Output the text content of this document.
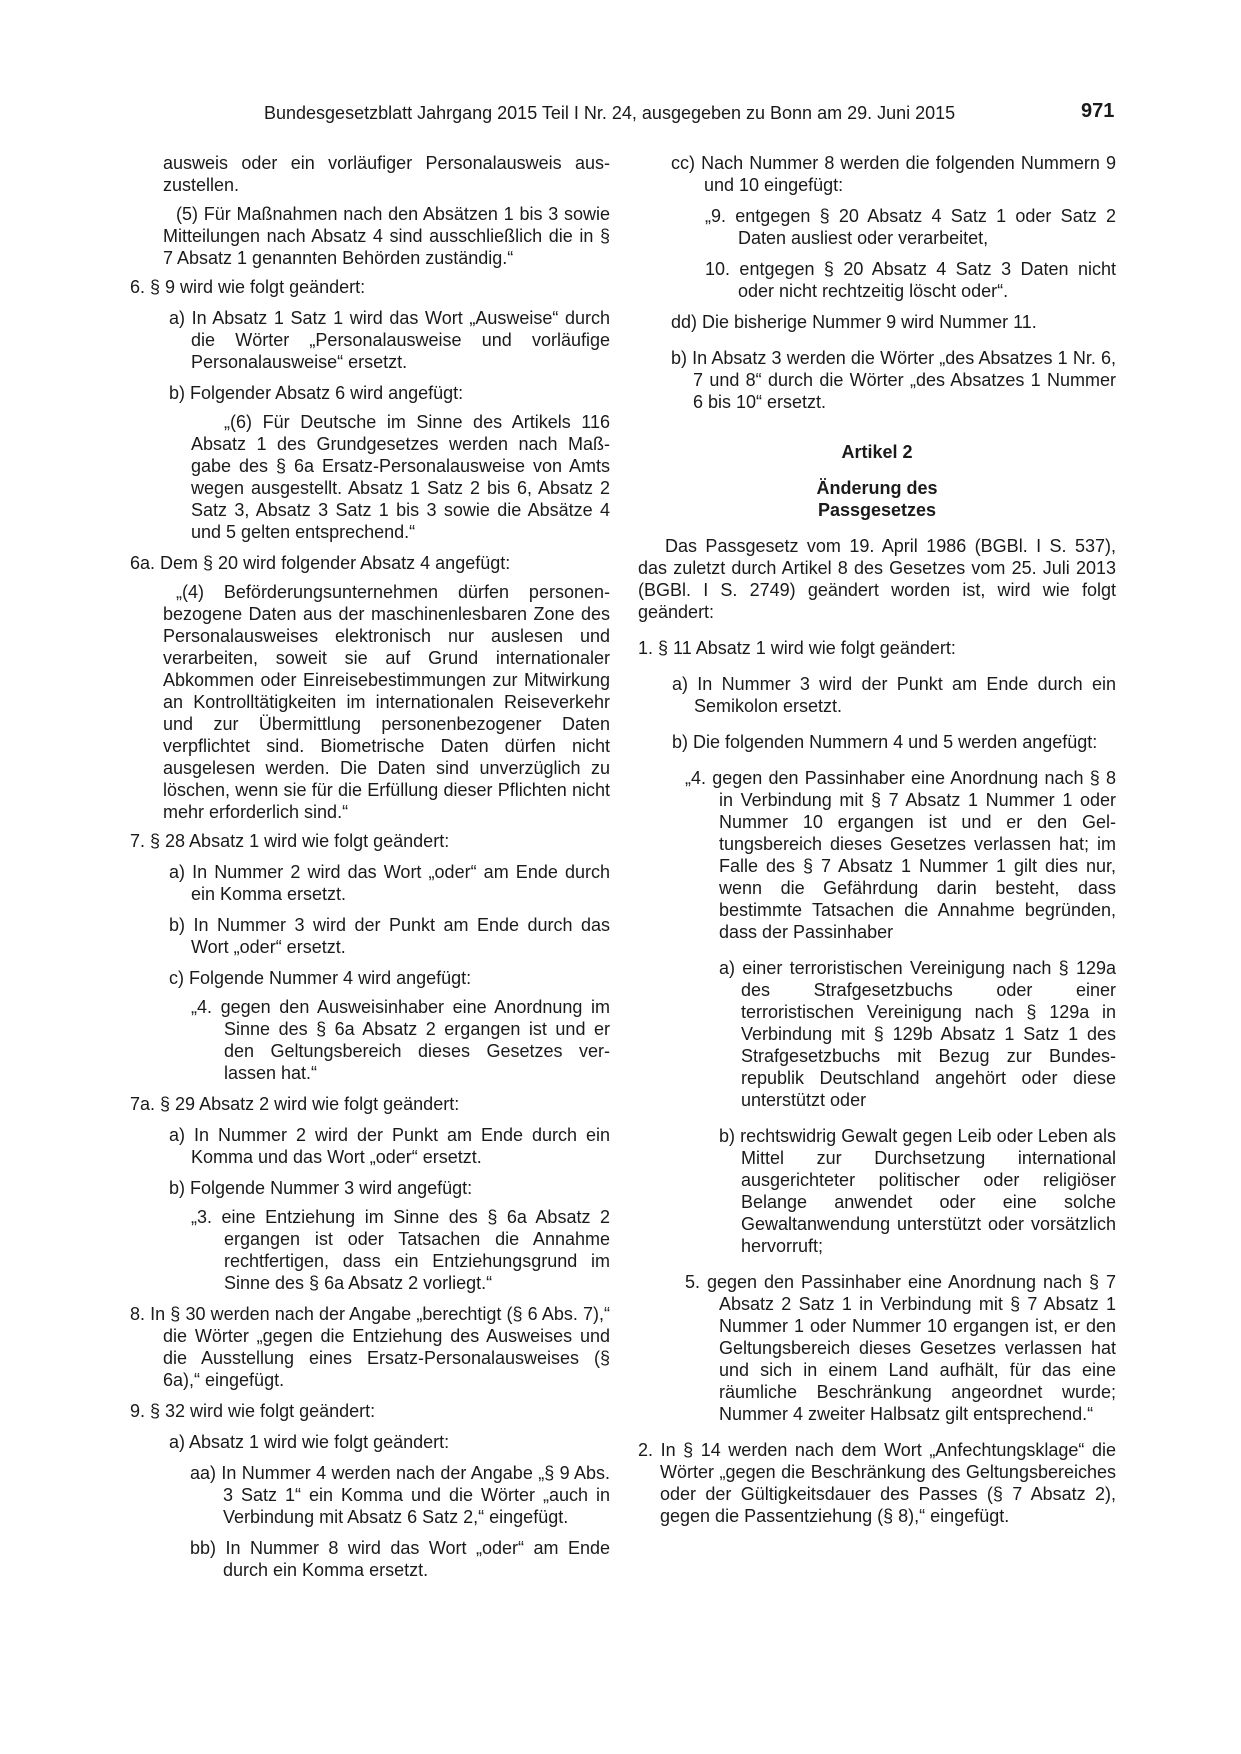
Bundesgesetzblatt Jahrgang 2015 Teil I Nr. 24, ausgegeben zu Bonn am 29. Juni 2015	971

ausweis oder ein vorläufiger Personalausweis auszustellen.

(5) Für Maßnahmen nach den Absätzen 1 bis 3 sowie Mitteilungen nach Absatz 4 sind ausschließlich die in § 7 Absatz 1 genannten Behörden zuständig.“

6. § 9 wird wie folgt geändert:

a) In Absatz 1 Satz 1 wird das Wort „Ausweise“ durch die Wörter „Personalausweise und vorläufige Personalausweise“ ersetzt.

b) Folgender Absatz 6 wird angefügt:

„(6) Für Deutsche im Sinne des Artikels 116 Absatz 1 des Grundgesetzes werden nach Maßgabe des § 6a Ersatz-Personalausweise von Amts wegen ausgestellt. Absatz 1 Satz 2 bis 6, Absatz 2 Satz 3, Absatz 3 Satz 1 bis 3 sowie die Absätze 4 und 5 gelten entsprechend.“

6a. Dem § 20 wird folgender Absatz 4 angefügt:

„(4) Beförderungsunternehmen dürfen personenbezogene Daten aus der maschinenlesbaren Zone des Personalausweises elektronisch nur auslesen und verarbeiten, soweit sie auf Grund internationaler Abkommen oder Einreisebestimmungen zur Mitwirkung an Kontrolltätigkeiten im internationalen Reiseverkehr und zur Übermittlung personenbezogener Daten verpflichtet sind. Biometrische Daten dürfen nicht ausgelesen werden. Die Daten sind unverzüglich zu löschen, wenn sie für die Erfüllung dieser Pflichten nicht mehr erforderlich sind.“

7. § 28 Absatz 1 wird wie folgt geändert:

a) In Nummer 2 wird das Wort „oder“ am Ende durch ein Komma ersetzt.

b) In Nummer 3 wird der Punkt am Ende durch das Wort „oder“ ersetzt.

c) Folgende Nummer 4 wird angefügt:

„4. gegen den Ausweisinhaber eine Anordnung im Sinne des § 6a Absatz 2 ergangen ist und er den Geltungsbereich dieses Gesetzes verlassen hat.“

7a. § 29 Absatz 2 wird wie folgt geändert:

a) In Nummer 2 wird der Punkt am Ende durch ein Komma und das Wort „oder“ ersetzt.

b) Folgende Nummer 3 wird angefügt:

„3. eine Entziehung im Sinne des § 6a Absatz 2 ergangen ist oder Tatsachen die Annahme rechtfertigen, dass ein Entziehungsgrund im Sinne des § 6a Absatz 2 vorliegt.“

8. In § 30 werden nach der Angabe „berechtigt (§ 6 Abs. 7),“ die Wörter „gegen die Entziehung des Ausweises und die Ausstellung eines Ersatz-Personalausweises (§ 6a),“ eingefügt.

9. § 32 wird wie folgt geändert:

a) Absatz 1 wird wie folgt geändert:

aa) In Nummer 4 werden nach der Angabe „§ 9 Abs. 3 Satz 1“ ein Komma und die Wörter „auch in Verbindung mit Absatz 6 Satz 2,“ eingefügt.

bb) In Nummer 8 wird das Wort „oder“ am Ende durch ein Komma ersetzt.

cc) Nach Nummer 8 werden die folgenden Nummern 9 und 10 eingefügt:

„9. entgegen § 20 Absatz 4 Satz 1 oder Satz 2 Daten ausliest oder verarbeitet,

10. entgegen § 20 Absatz 4 Satz 3 Daten nicht oder nicht rechtzeitig löscht oder“.

dd) Die bisherige Nummer 9 wird Nummer 11.

b) In Absatz 3 werden die Wörter „des Absatzes 1 Nr. 6, 7 und 8“ durch die Wörter „des Absatzes 1 Nummer 6 bis 10“ ersetzt.

Artikel 2

Änderung des

Passgesetzes

Das Passgesetz vom 19. April 1986 (BGBl. I S. 537), das zuletzt durch Artikel 8 des Gesetzes vom 25. Juli 2013 (BGBl. I S. 2749) geändert worden ist, wird wie folgt geändert:

1. § 11 Absatz 1 wird wie folgt geändert:

a) In Nummer 3 wird der Punkt am Ende durch ein Semikolon ersetzt.

b) Die folgenden Nummern 4 und 5 werden angefügt:

„4. gegen den Passinhaber eine Anordnung nach § 8 in Verbindung mit § 7 Absatz 1 Nummer 1 oder Nummer 10 ergangen ist und er den Geltungsbereich dieses Gesetzes verlassen hat; im Falle des § 7 Absatz 1 Nummer 1 gilt dies nur, wenn die Gefährdung darin besteht, dass bestimmte Tatsachen die Annahme begründen, dass der Passinhaber

a) einer terroristischen Vereinigung nach § 129a des Strafgesetzbuchs oder einer terroristischen Vereinigung nach § 129a in Verbindung mit § 129b Absatz 1 Satz 1 des Strafgesetzbuchs mit Bezug zur Bundesrepublik Deutschland angehört oder diese unterstützt oder

b) rechtswidrig Gewalt gegen Leib oder Leben als Mittel zur Durchsetzung international ausgerichteter politischer oder religiöser Belange anwendet oder eine solche Gewaltanwendung unterstützt oder vorsätzlich hervorruft;

5. gegen den Passinhaber eine Anordnung nach § 7 Absatz 2 Satz 1 in Verbindung mit § 7 Absatz 1 Nummer 1 oder Nummer 10 ergangen ist, er den Geltungsbereich dieses Gesetzes verlassen hat und sich in einem Land aufhält, für das eine räumliche Beschränkung angeordnet wurde; Nummer 4 zweiter Halbsatz gilt entsprechend.“

2. In § 14 werden nach dem Wort „Anfechtungsklage“ die Wörter „gegen die Beschränkung des Geltungsbereiches oder der Gültigkeitsdauer des Passes (§ 7 Absatz 2), gegen die Passentziehung (§ 8),“ eingefügt.
